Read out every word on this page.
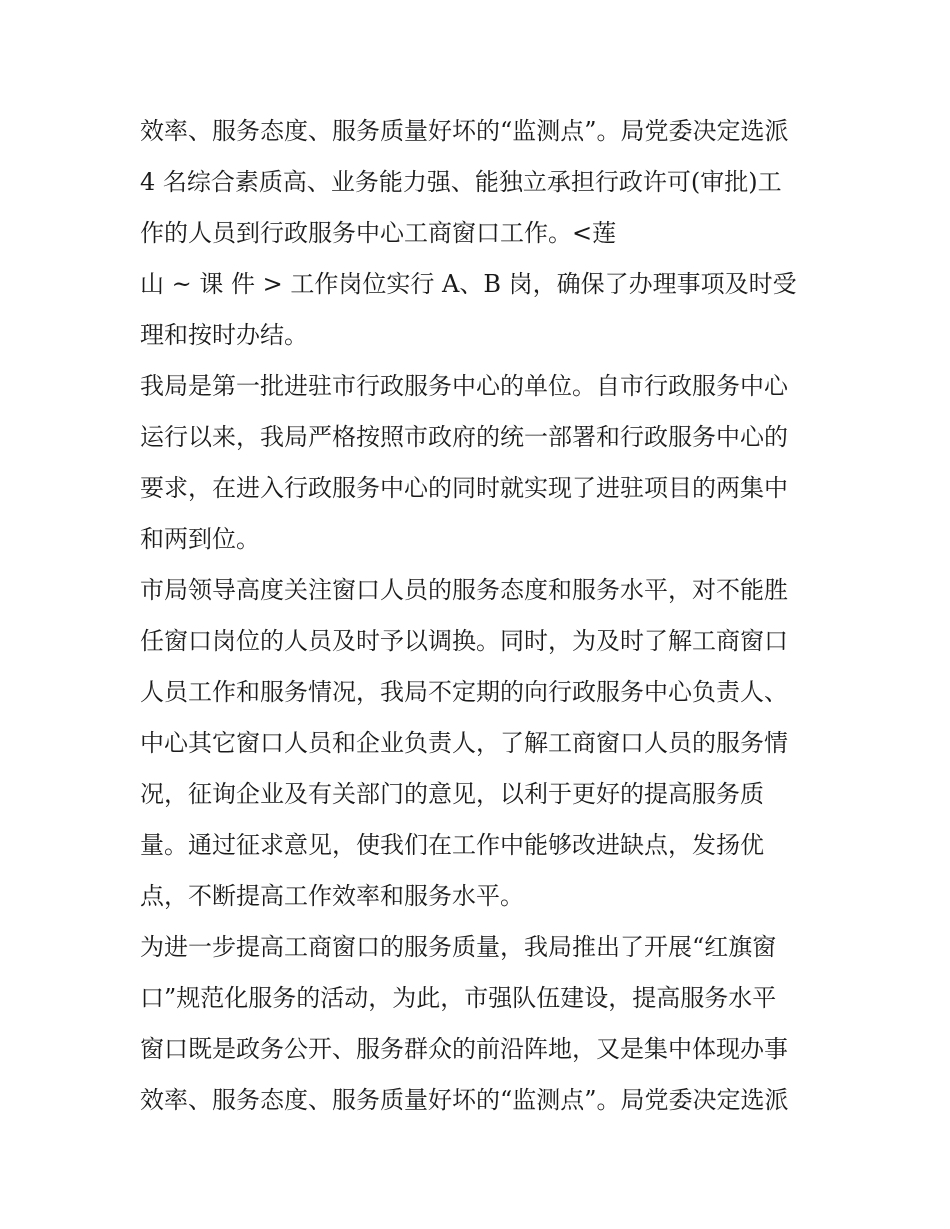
效率、服务态度、服务质量好坏的“监测点”。局党委决定选派
4 名综合素质高、业务能力强、能独立承担行政许可(审批)工
作的人员到行政服务中心工商窗口工作。<莲
山 ~ 课 件 > 工作岗位实行 A、B 岗，确保了办理事项及时受
理和按时办结。
我局是第一批进驻市行政服务中心的单位。自市行政服务中心
运行以来，我局严格按照市政府的统一部署和行政服务中心的
要求，在进入行政服务中心的同时就实现了进驻项目的两集中
和两到位。
市局领导高度关注窗口人员的服务态度和服务水平，对不能胜
任窗口岗位的人员及时予以调换。同时，为及时了解工商窗口
人员工作和服务情况，我局不定期的向行政服务中心负责人、
中心其它窗口人员和企业负责人，了解工商窗口人员的服务情
况，征询企业及有关部门的意见，以利于更好的提高服务质
量。通过征求意见，使我们在工作中能够改进缺点，发扬优
点，不断提高工作效率和服务水平。
为进一步提高工商窗口的服务质量，我局推出了开展“红旗窗
口”规范化服务的活动，为此，市强队伍建设，提高服务水平
窗口既是政务公开、服务群众的前沿阵地，又是集中体现办事
效率、服务态度、服务质量好坏的“监测点”。局党委决定选派
